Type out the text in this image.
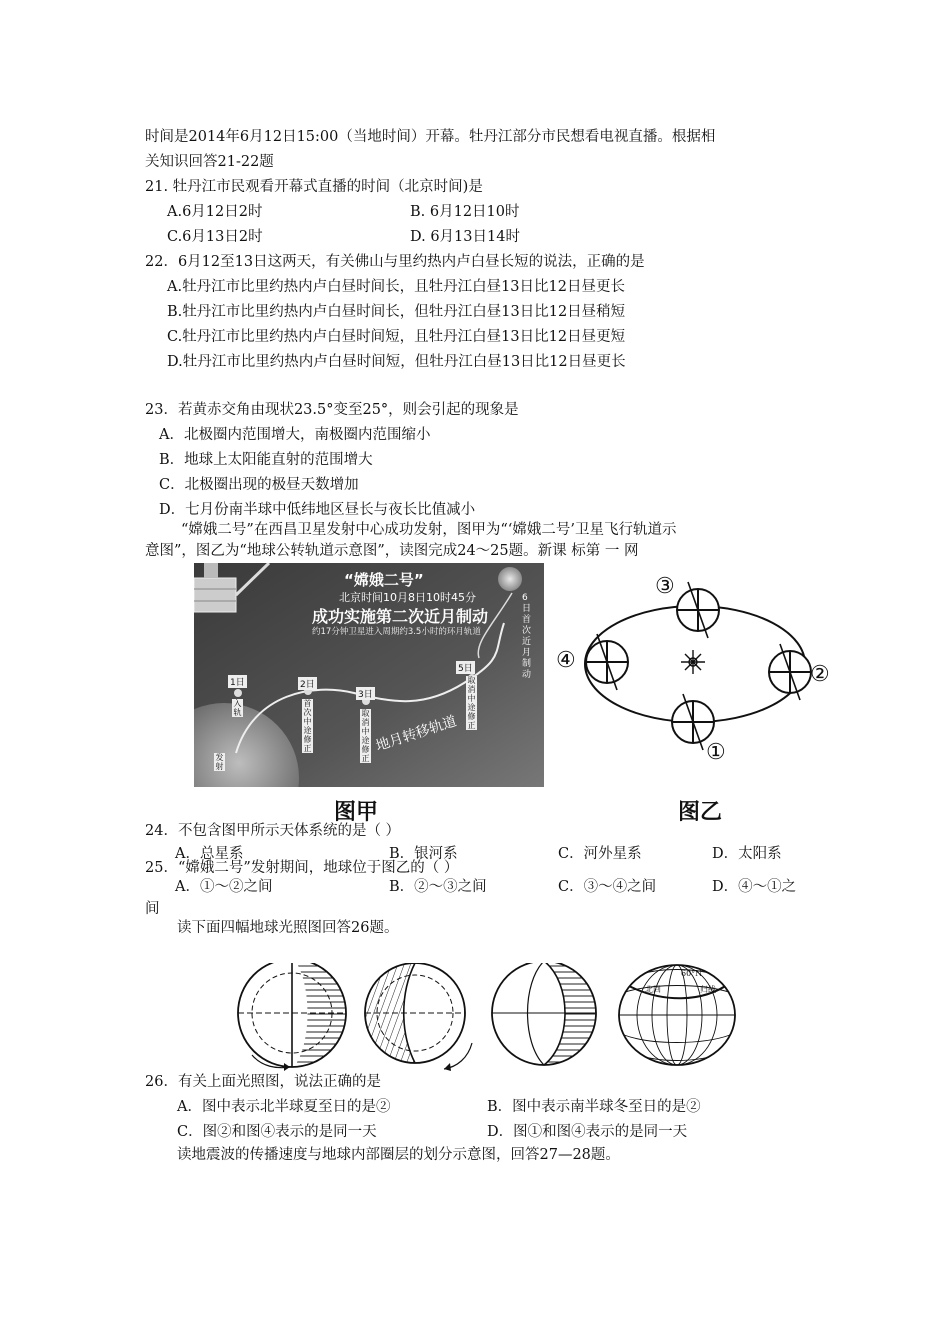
时间是2014年6月12日15:00（当地时间）开幕。牡丹江部分市民想看电视直播。根据相
关知识回答21-22题
21. 牡丹江市民观看开幕式直播的时间（北京时间)是
A.6月12日2时	B. 6月12日10时
C.6月13日2时	D. 6月13日14时
22．6月12至13日这两天，有关佛山与里约热内卢白昼长短的说法，正确的是
A.牡丹江市比里约热内卢白昼时间长，且牡丹江白昼13日比12日昼更长
B.牡丹江市比里约热内卢白昼时间长，但牡丹江白昼13日比12日昼稍短
C.牡丹江市比里约热内卢白昼时间短，且牡丹江白昼13日比12日昼更短
D.牡丹江市比里约热内卢白昼时间短，但牡丹江白昼13日比12日昼更长
23．若黄赤交角由现状23.5°变至25°，则会引起的现象是
A．北极圈内范围增大，南极圈内范围缩小
B．地球上太阳能直射的范围增大
C．北极圈出现的极昼天数增加
D．七月份南半球中低纬地区昼长与夜长比值减小
“嫦娥二号”在西昌卫星发射中心成功发射，图甲为“‘嫦娥二号’卫星飞行轨道示
意图”，图乙为“地球公转轨道示意图”，读图完成24～25题。新课 标第 一 网
“嫦娥二号”
北京时间10月8日10时45分
成功实施第二次近月制动
约17分钟卫星进入周期约3.5小时的环月轨道
6日首次近月制动
1日	2日
3日
5日
入轨
首次中途修正
取消中途修正
取消中途修正
发射
地月转移轨道
图甲
③
②
①
④
图乙
24．不包含图甲所示天体系统的是（ ）
A．总星系	B．银河系	C．河外星系	D．太阳系
25．“嫦娥二号”发射期间，地球位于图乙的（ ）
A．①～②之间	B．②～③之间	C．③～④之间	D．④～①之
间
读下面四幅地球光照图回答26题。
60°N
北回	归线
26．有关上面光照图，说法正确的是
A．图中表示北半球夏至日的是②	B．图中表示南半球冬至日的是②
C．图②和图④表示的是同一天	D．图①和图④表示的是同一天
读地震波的传播速度与地球内部圈层的划分示意图，回答27—28题。
